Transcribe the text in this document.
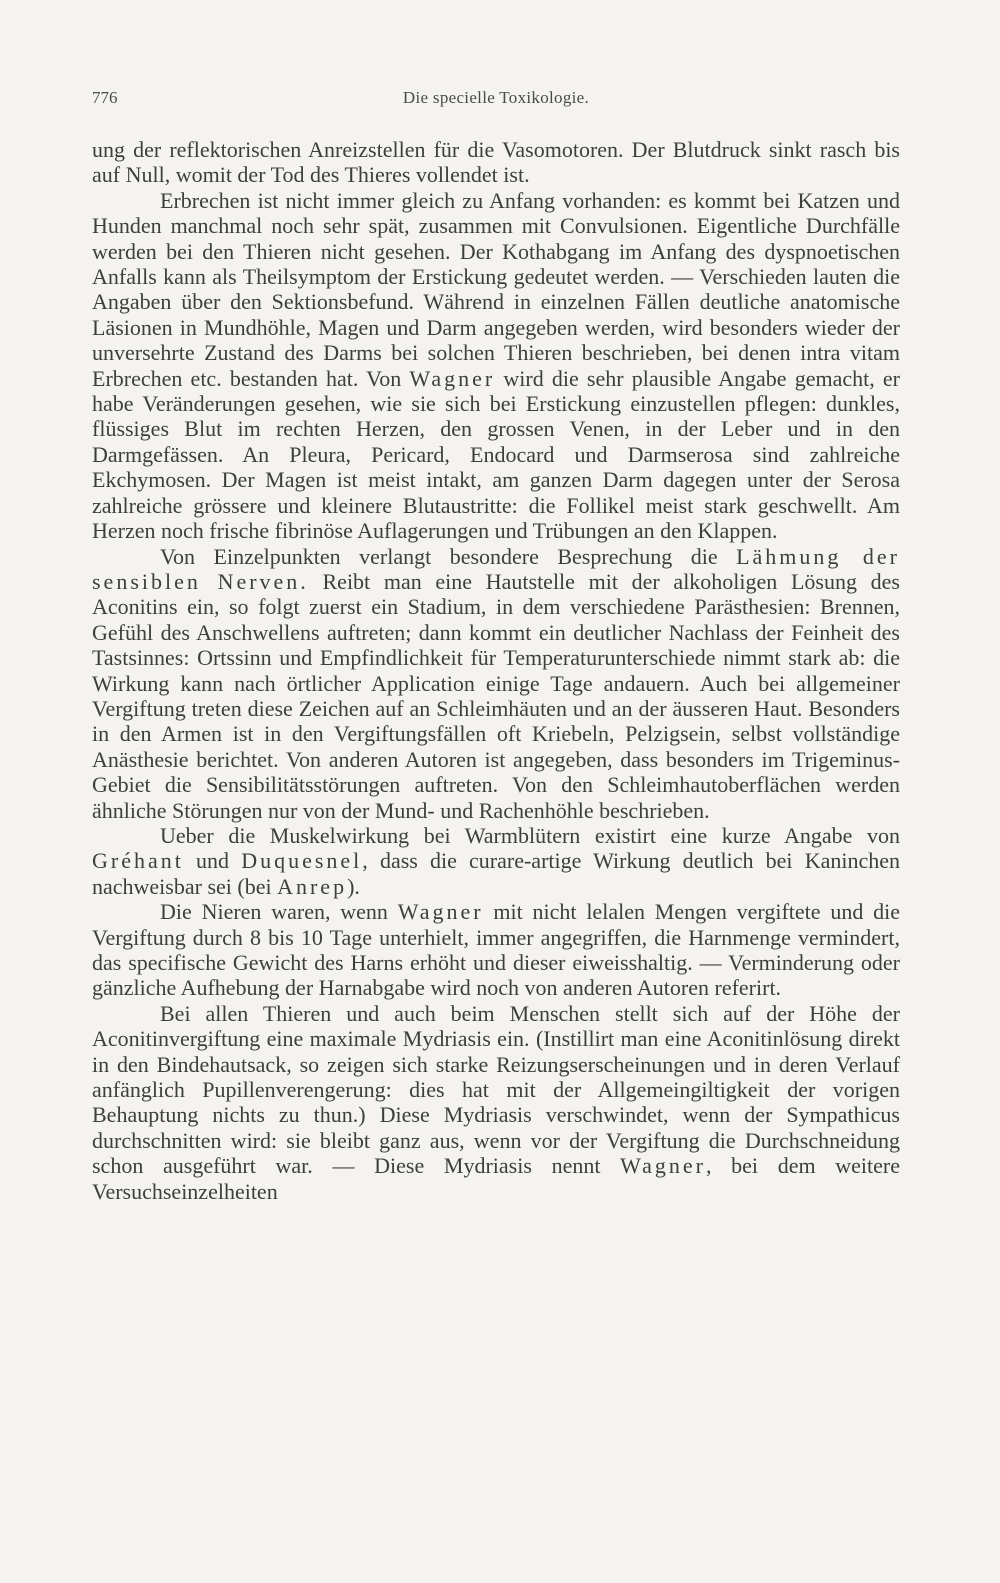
776	Die specielle Toxikologie.

ung der reflektorischen Anreizstellen für die Vasomotoren. Der Blutdruck sinkt rasch bis auf Null, womit der Tod des Thieres vollendet ist.

Erbrechen ist nicht immer gleich zu Anfang vorhanden: es kommt bei Katzen und Hunden manchmal noch sehr spät, zusammen mit Convulsionen. Eigentliche Durchfälle werden bei den Thieren nicht gesehen. Der Kothabgang im Anfang des dyspnoetischen Anfalls kann als Theilsymptom der Erstickung gedeutet werden. — Verschieden lauten die Angaben über den Sektionsbefund. Während in einzelnen Fällen deutliche anatomische Läsionen in Mundhöhle, Magen und Darm angegeben werden, wird besonders wieder der unversehrte Zustand des Darms bei solchen Thieren beschrieben, bei denen intra vitam Erbrechen etc. bestanden hat. Von Wagner wird die sehr plausible Angabe gemacht, er habe Veränderungen gesehen, wie sie sich bei Erstickung einzustellen pflegen: dunkles, flüssiges Blut im rechten Herzen, den grossen Venen, in der Leber und in den Darmgefässen. An Pleura, Pericard, Endocard und Darmserosa sind zahlreiche Ekchymosen. Der Magen ist meist intakt, am ganzen Darm dagegen unter der Serosa zahlreiche grössere und kleinere Blutaustritte: die Follikel meist stark geschwellt. Am Herzen noch frische fibrinöse Auflagerungen und Trübungen an den Klappen.

Von Einzelpunkten verlangt besondere Besprechung die Lähmung der sensiblen Nerven. Reibt man eine Hautstelle mit der alkoholigen Lösung des Aconitins ein, so folgt zuerst ein Stadium, in dem verschiedene Parästhesien: Brennen, Gefühl des Anschwellens auftreten; dann kommt ein deutlicher Nachlass der Feinheit des Tastsinnes: Ortssinn und Empfindlichkeit für Temperaturunterschiede nimmt stark ab: die Wirkung kann nach örtlicher Application einige Tage andauern. Auch bei allgemeiner Vergiftung treten diese Zeichen auf an Schleimhäuten und an der äusseren Haut. Besonders in den Armen ist in den Vergiftungsfällen oft Kriebeln, Pelzigsein, selbst vollständige Anästhesie berichtet. Von anderen Autoren ist angegeben, dass besonders im Trigeminus-Gebiet die Sensibilitätsstörungen auftreten. Von den Schleimhautoberflächen werden ähnliche Störungen nur von der Mund- und Rachenhöhle beschrieben.

Ueber die Muskelwirkung bei Warmblütern existirt eine kurze Angabe von Gréhant und Duquesnel, dass die curare-artige Wirkung deutlich bei Kaninchen nachweisbar sei (bei Anrep).

Die Nieren waren, wenn Wagner mit nicht lelalen Mengen vergiftete und die Vergiftung durch 8 bis 10 Tage unterhielt, immer angegriffen, die Harnmenge vermindert, das specifische Gewicht des Harns erhöht und dieser eiweisshaltig. — Verminderung oder gänzliche Aufhebung der Harnabgabe wird noch von anderen Autoren referirt.

Bei allen Thieren und auch beim Menschen stellt sich auf der Höhe der Aconitinvergiftung eine maximale Mydriasis ein. (Instillirt man eine Aconitinlösung direkt in den Bindehautsack, so zeigen sich starke Reizungserscheinungen und in deren Verlauf anfänglich Pupillenverengerung: dies hat mit der Allgemeingiltigkeit der vorigen Behauptung nichts zu thun.) Diese Mydriasis verschwindet, wenn der Sympathicus durchschnitten wird: sie bleibt ganz aus, wenn vor der Vergiftung die Durchschneidung schon ausgeführt war. — Diese Mydriasis nennt Wagner, bei dem weitere Versuchseinzelheiten
